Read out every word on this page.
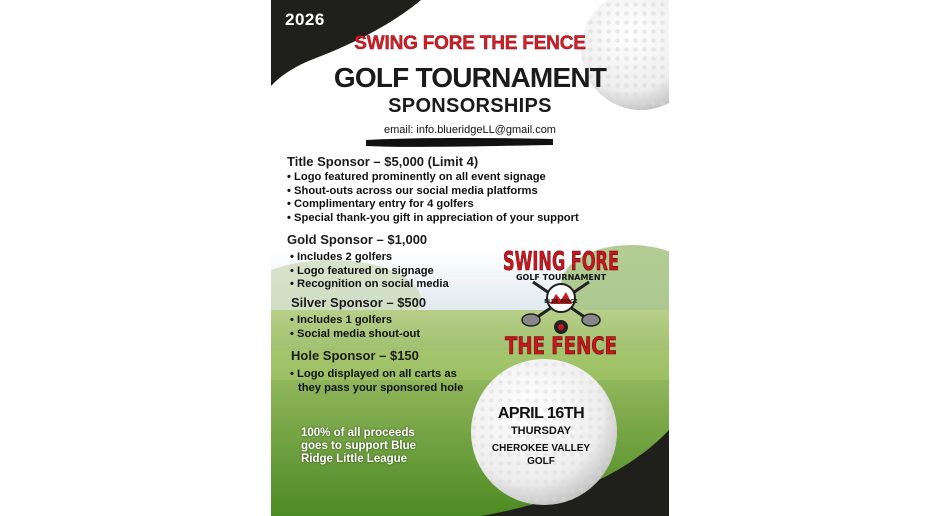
SWING FORE
GOLF TOURNAMENT
BLUE RIDGE
THE FENCE
2026
SWING FORE THE FENCE
GOLF TOURNAMENT
SPONSORSHIPS
email: info.blueridgeLL@gmail.com
Title Sponsor – $5,000 (Limit 4)
• Logo featured prominently on all event signage
• Shout-outs across our social media platforms
• Complimentary entry for 4 golfers
• Special thank-you gift in appreciation of your support
Gold Sponsor – $1,000
• Includes 2 golfers
• Logo featured on signage
• Recognition on social media
Silver Sponsor – $500
• Includes 1 golfers
• Social media shout-out
Hole Sponsor – $150
• Logo displayed on all carts as
they pass your sponsored hole
100% of all proceeds
goes to support Blue
Ridge Little League
APRIL 16TH
THURSDAY
CHEROKEE VALLEY
GOLF
